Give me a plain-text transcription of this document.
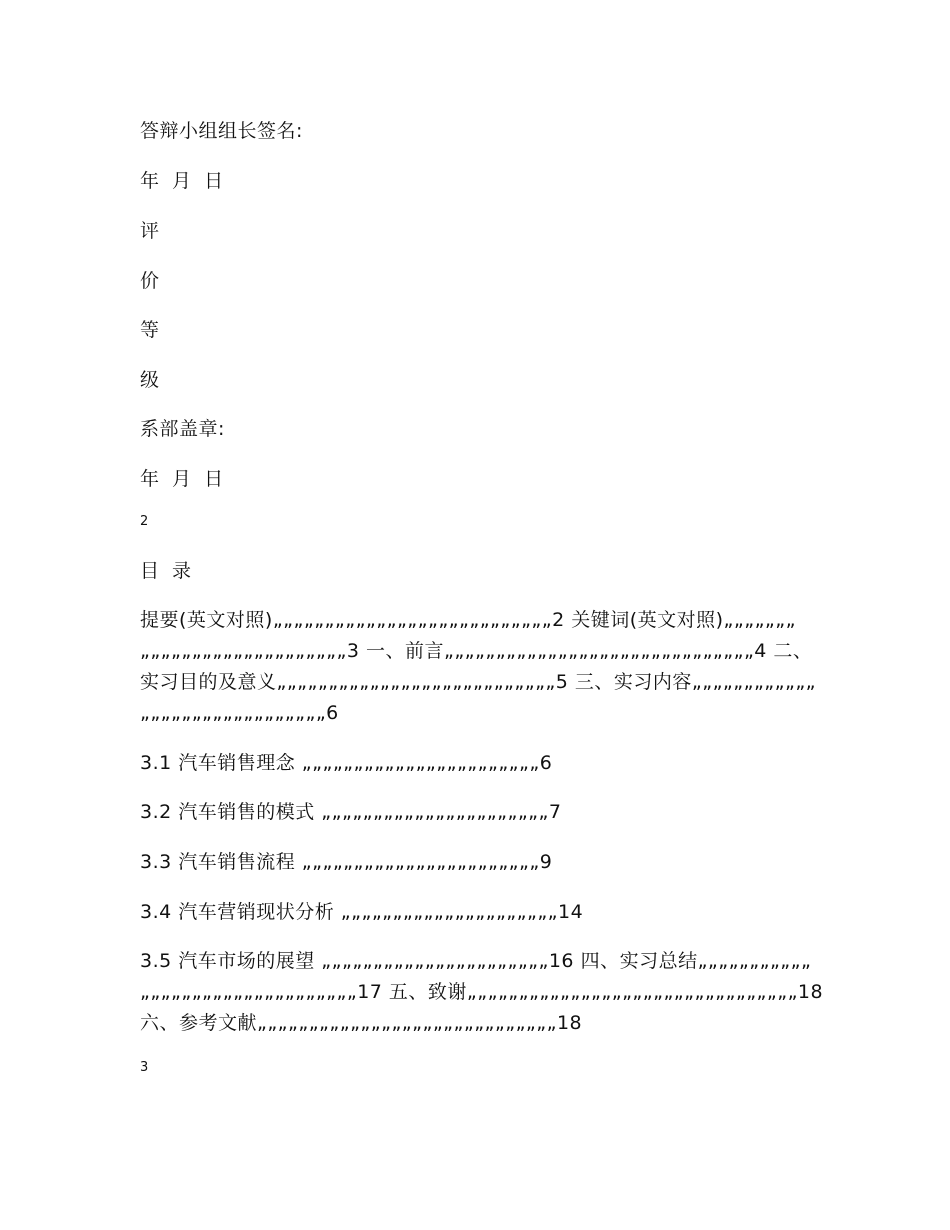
答辩小组组长签名:
年 月 日
评
价
等
级
系部盖章:
年 月 日
2
目 录
提要(英文对照)„„„„„„„„„„„„„„„„„„„„„„„„„„„2 关键词(英文对照)„„„„„„„
„„„„„„„„„„„„„„„„„„„„3 一、前言„„„„„„„„„„„„„„„„„„„„„„„„„„„„„„4 二、
实习目的及意义„„„„„„„„„„„„„„„„„„„„„„„„„„„5 三、实习内容„„„„„„„„„„„„
„„„„„„„„„„„„„„„„„„6
3.1 汽车销售理念 „„„„„„„„„„„„„„„„„„„„„„„6
3.2 汽车销售的模式 „„„„„„„„„„„„„„„„„„„„„„7
3.3 汽车销售流程 „„„„„„„„„„„„„„„„„„„„„„„9
3.4 汽车营销现状分析 „„„„„„„„„„„„„„„„„„„„„14
3.5 汽车市场的展望 „„„„„„„„„„„„„„„„„„„„„„16 四、实习总结„„„„„„„„„„„
„„„„„„„„„„„„„„„„„„„„„17 五、致谢„„„„„„„„„„„„„„„„„„„„„„„„„„„„„„„„18
六、参考文献„„„„„„„„„„„„„„„„„„„„„„„„„„„„„18
3
